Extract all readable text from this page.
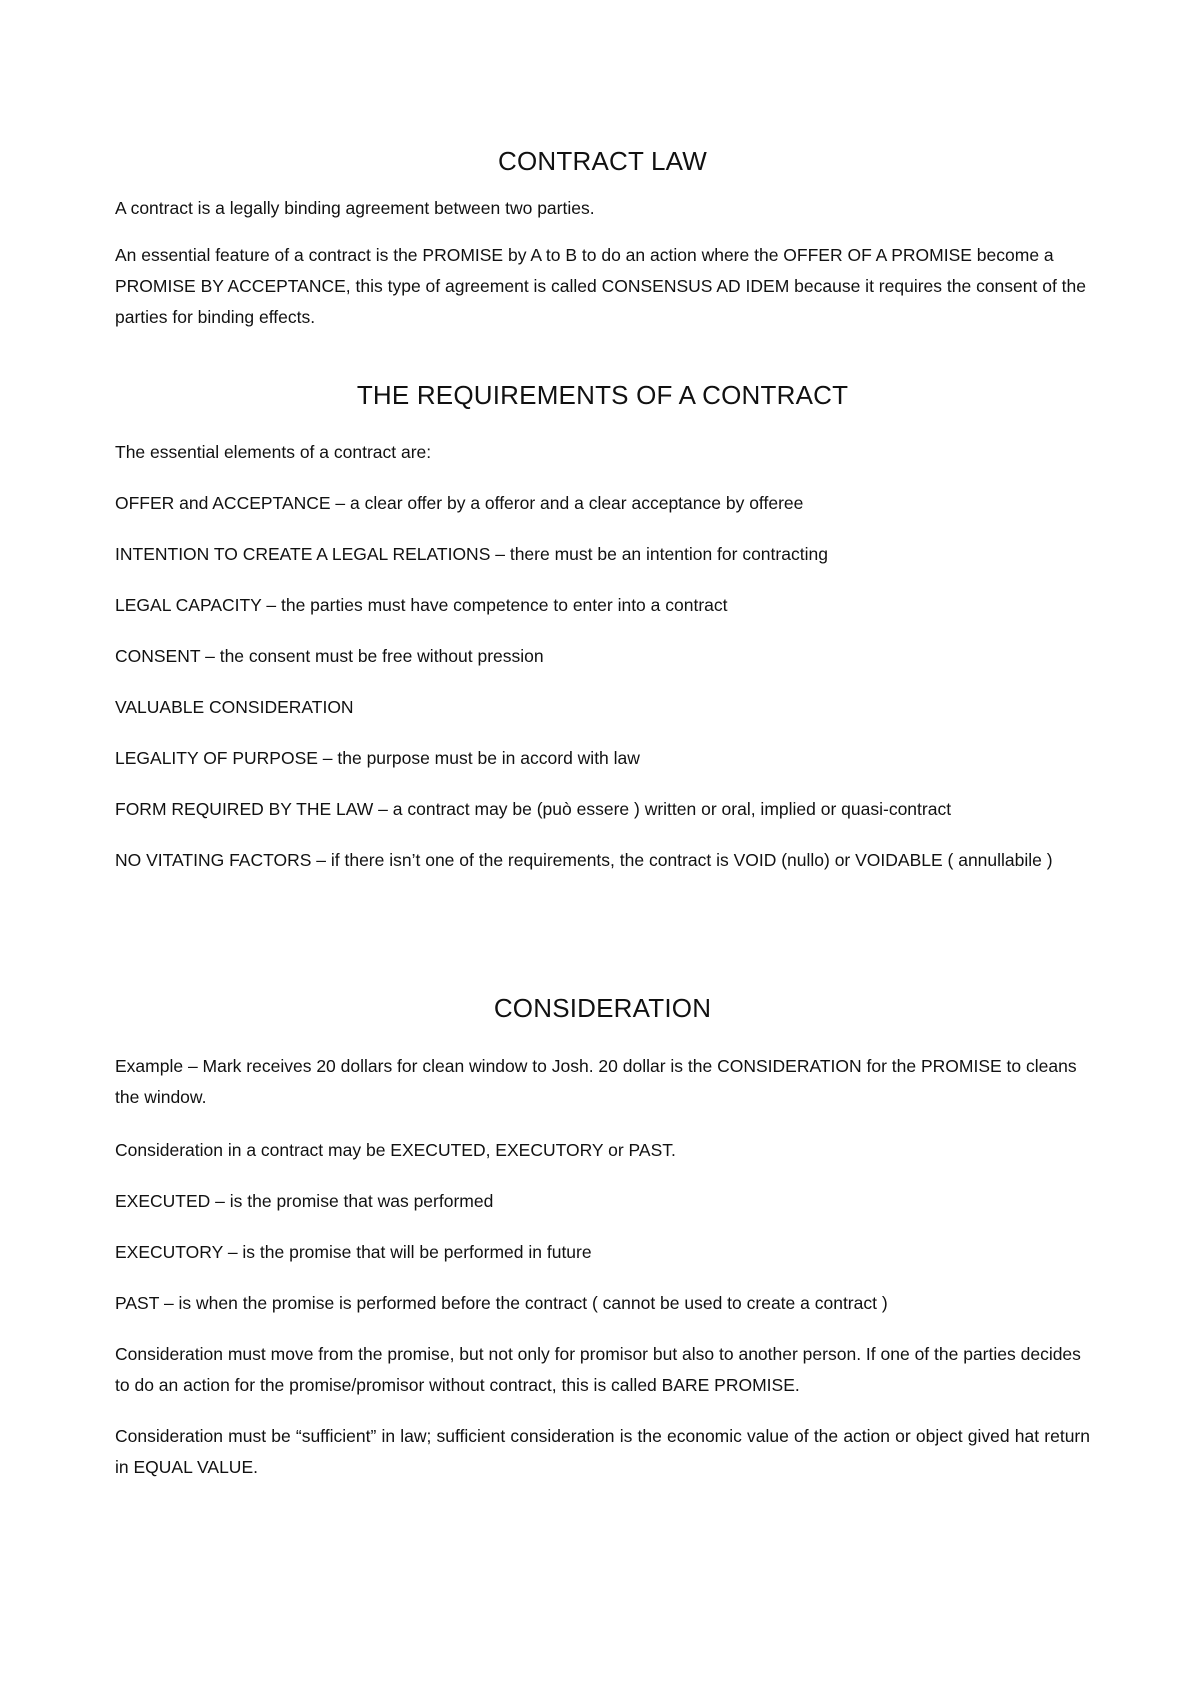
CONTRACT LAW

A contract is a legally binding agreement between two parties.

An essential feature of a contract is the PROMISE by A to B to do an action where the OFFER OF A PROMISE become a PROMISE BY ACCEPTANCE, this type of agreement is called CONSENSUS AD IDEM because it requires the consent of the parties for binding effects.

THE REQUIREMENTS OF A CONTRACT

The essential elements of a contract are:

OFFER and ACCEPTANCE – a clear offer by a offeror and a clear acceptance by offeree

INTENTION TO CREATE A LEGAL RELATIONS – there must be an intention for contracting

LEGAL CAPACITY – the parties must have competence to enter into a contract

CONSENT – the consent must be free without pression

VALUABLE CONSIDERATION

LEGALITY OF PURPOSE – the purpose must be in accord with law

FORM REQUIRED BY THE LAW – a contract may be (può essere ) written or oral, implied or quasi-contract

NO VITATING FACTORS – if there isn’t one of the requirements, the contract is VOID (nullo) or VOIDABLE ( annullabile )

CONSIDERATION

Example – Mark receives 20 dollars for clean window to Josh. 20 dollar is the CONSIDERATION for the PROMISE to cleans the window.

Consideration in a contract may be EXECUTED, EXECUTORY or PAST.

EXECUTED – is the promise that was performed

EXECUTORY – is the promise that will be performed in future

PAST – is when the promise is performed before the contract ( cannot be used to create a contract )

Consideration must move from the promise, but not only for promisor but also to another person. If one of the parties decides to do an action for the promise/promisor without contract, this is called BARE PROMISE.

Consideration must be “sufficient” in law; sufficient consideration is the economic value of the action or object gived hat return in EQUAL VALUE.
